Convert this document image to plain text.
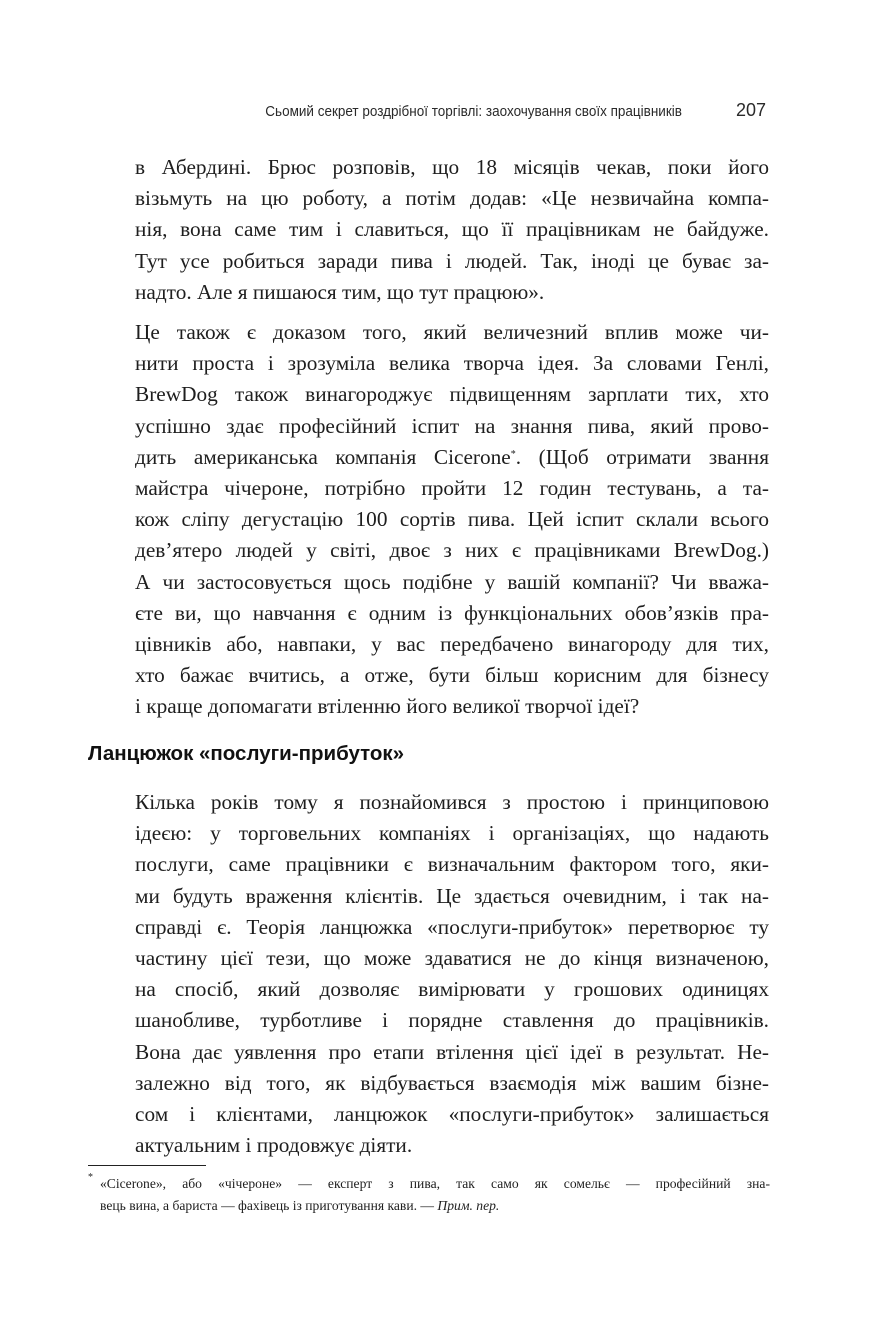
Сьомий секрет роздрібної торгівлі: заохочування своїх працівників	207
в Абердині. Брюс розповів, що 18 місяців чекав, поки його
візьмуть на цю роботу, а потім додав: «Це незвичайна компа-
нія, вона саме тим і славиться, що її працівникам не байдуже.
Тут усе робиться заради пива і людей. Так, іноді це буває за-
надто. Але я пишаюся тим, що тут працюю».
Це також є доказом того, який величезний вплив може чи-
нити проста і зрозуміла велика творча ідея. За словами Генлі,
BrewDog також винагороджує підвищенням зарплати тих, хто
успішно здає професійний іспит на знання пива, який прово-
дить американська компанія Cicerone*. (Щоб отримати звання
майстра чічероне, потрібно пройти 12 годин тестувань, а та-
кож сліпу дегустацію 100 сортів пива. Цей іспит склали всього
дев’ятеро людей у світі, двоє з них є працівниками BrewDog.)
А чи застосовується щось подібне у вашій компанії? Чи вважа-
єте ви, що навчання є одним із функціональних обов’язків пра-
цівників або, навпаки, у вас передбачено винагороду для тих,
хто бажає вчитись, а отже, бути більш корисним для бізнесу
і краще допомагати втіленню його великої творчої ідеї?
Ланцюжок «послуги-прибуток»
Кілька років тому я познайомився з простою і принциповою
ідеєю: у торговельних компаніях і організаціях, що надають
послуги, саме працівники є визначальним фактором того, яки-
ми будуть враження клієнтів. Це здається очевидним, і так на-
справді є. Теорія ланцюжка «послуги-прибуток» перетворює ту
частину цієї тези, що може здаватися не до кінця визначеною,
на спосіб, який дозволяє вимірювати у грошових одиницях
шанобливе, турботливе і порядне ставлення до працівників.
Вона дає уявлення про етапи втілення цієї ідеї в результат. Не-
залежно від того, як відбувається взаємодія між вашим бізне-
сом і клієнтами, ланцюжок «послуги-прибуток» залишається
актуальним і продовжує діяти.
* «Cicerone», або «чічероне» — експерт з пива, так само як сомельє — професійний зна-
вець вина, а бариста — фахівець із приготування кави. — Прим. пер.
